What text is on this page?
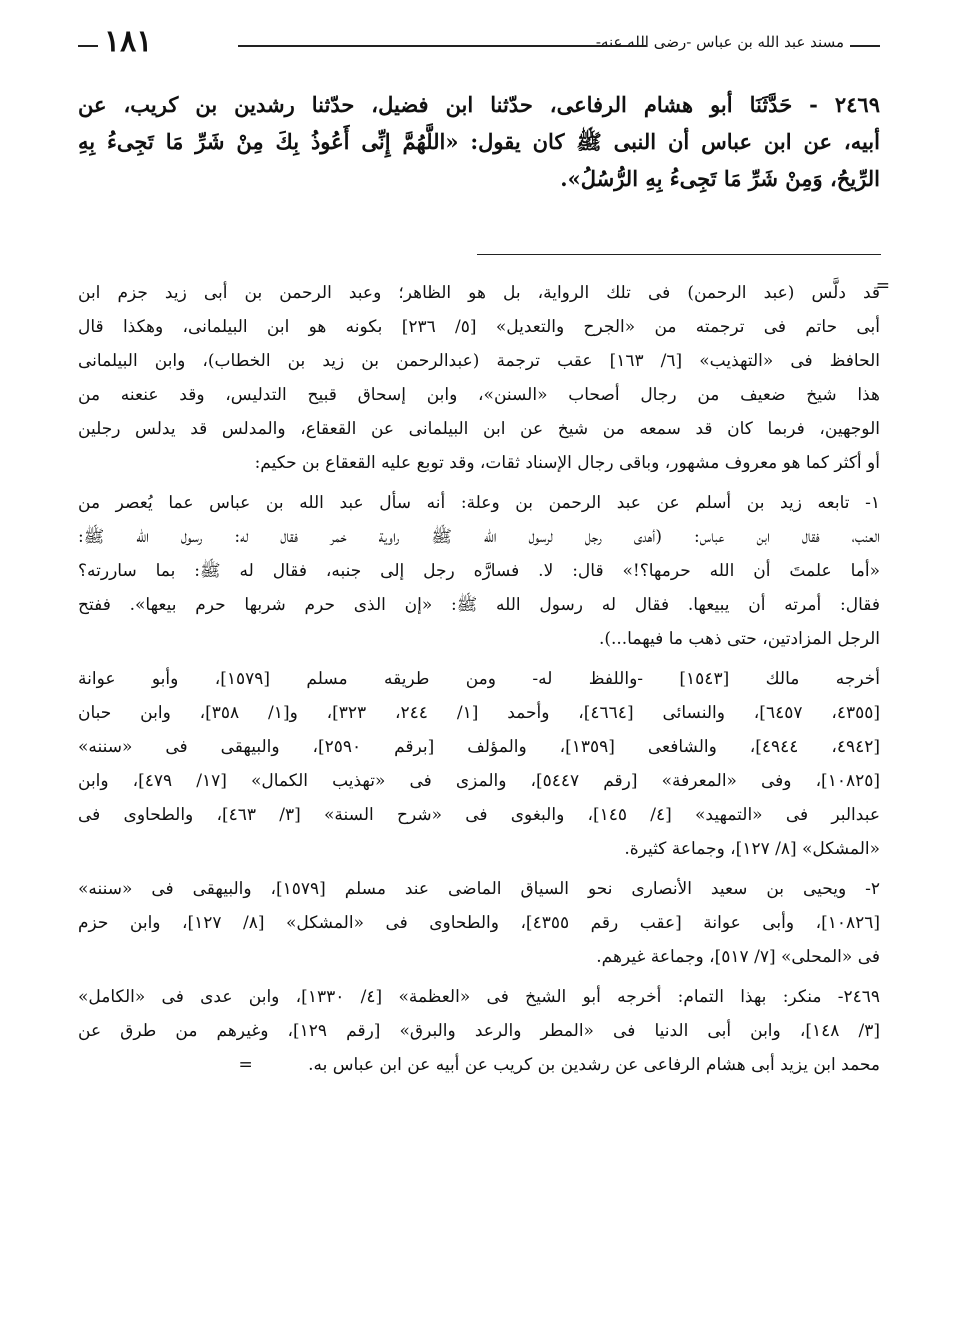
مسند عبد الله بن عباس -رضى الله عنه-
١٨١
٢٤٦٩ - حَدَّثَنَا أبو هشام الرفاعى، حدّثنا ابن فضيل، حدّثنا رشدين بن كريب، عن
أبيه، عن ابن عباس أن النبى ﷺ كان يقول: «اللَّهُمَّ إِنِّى أَعُوذُ بِكَ مِنْ شَرِّ مَا تَجِىءُ بِهِ
الرِّيحُ، وَمِنْ شَرِّ مَا تَجِىءُ بِهِ الرُّسُلُ».
=
قد دلَّس (عبد الرحمن) فى تلك الرواية، بل هو الظاهر؛ وعبد الرحمن بن أبى زيد جزم ابن
أبى حاتم فى ترجمته من «الجرح والتعديل» [٥/ ٢٣٦] بكونه هو ابن البيلمانى، وهكذا قال
الحافظ فى «التهذيب» [٦/ ١٦٣] عقب ترجمة (عبدالرحمن بن زيد بن الخطاب)، وابن البيلمانى
هذا شيخ ضعيف من رجال أصحاب «السنن»، وابن إسحاق قبيح التدليس، وقد عنعنه من
الوجهين، فربما كان قد سمعه من شيخ عن ابن البيلمانى عن القعقاع، والمدلس قد يدلس رجلين
أو أكثر كما هو معروف مشهور، وباقى رجال الإسناد ثقات، وقد توبع عليه القعقاع بن حكيم:
١- تابعه زيد بن أسلم عن عبد الرحمن بن وعلة: أنه سأل عبد الله بن عباس عما يُعصر من
العنب، فقال ابن عباس: (أهدى رجل لرسول الله ﷺ راوية خمر فقال له: رسول الله ﷺ:
«أما علمتَ أن الله حرمها؟!» قال: لا. فسارَّه رجل إلى جنبه، فقال له ﷺ: بما ساررته؟
فقال: أمرته أن يبيعها. فقال له رسول الله ﷺ: «إن الذى حرم شربها حرم بيعها». ففتح
الرجل المزادتين، حتى ذهب ما فيهما...).
أخرجه مالك [١٥٤٣] -واللفظ له- ومن طريقه مسلم [١٥٧٩]، وأبو عوانة
[٤٣٥٥، ٦٤٥٧]، والنسائى [٤٦٦٤]، وأحمد [١/ ٢٤٤، ٣٢٣]، و[١/ ٣٥٨]، وابن حبان
[٤٩٤٢، ٤٩٤٤]، والشافعى [١٣٥٩]، والمؤلف [برقم ٢٥٩٠]، والبيهقى فى «سننه»
[١٠٨٢٥]، وفى «المعرفة» [رقم ٥٤٤٧]، والمزى فى «تهذيب الكمال» [١٧/ ٤٧٩]، وابن
عبدالبر فى «التمهيد» [٤/ ١٤٥]، والبغوى فى «شرح السنة» [٣/ ٤٦٣]، والطحاوى فى
«المشكل» [٨/ ١٢٧]، وجماعة كثيرة.
٢- ويحيى بن سعيد الأنصارى نحو السياق الماضى عند مسلم [١٥٧٩]، والبيهقى فى «سننه»
[١٠٨٢٦]، وأبى عوانة [عقب رقم ٤٣٥٥]، والطحاوى فى «المشكل» [٨/ ١٢٧]، وابن حزم
فى «المحلى» [٧/ ٥١٧]، وجماعة غيرهم.
٢٤٦٩- منكر: بهذا التمام: أخرجه أبو الشيخ فى «العظمة» [٤/ ١٣٣٠]، وابن عدى فى «الكامل»
[٣/ ١٤٨]، وابن أبى الدنيا فى «المطر والرعد والبرق» [رقم ١٢٩]، وغيرهم من طرق عن
محمد ابن يزيد أبى هشام الرفاعى عن رشدين بن كريب عن أبيه عن ابن عباس به. =
